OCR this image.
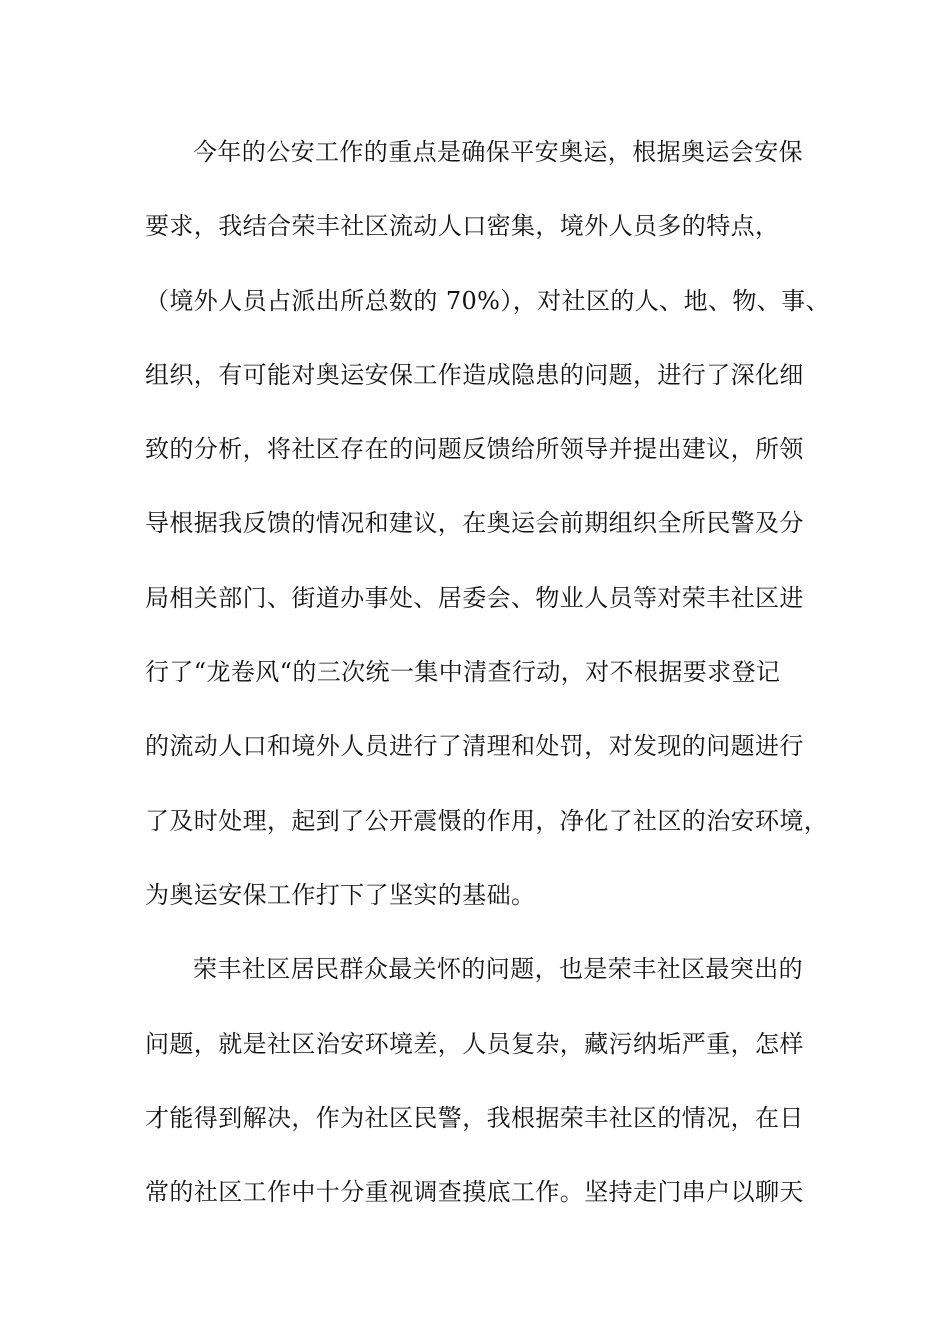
今年的公安工作的重点是确保平安奥运，根据奥运会安保
要求，我结合荣丰社区流动人口密集，境外人员多的特点，
（境外人员占派出所总数的 70%），对社区的人、地、物、事、
组织，有可能对奥运安保工作造成隐患的问题，进行了深化细
致的分析，将社区存在的问题反馈给所领导并提出建议，所领
导根据我反馈的情况和建议，在奥运会前期组织全所民警及分
局相关部门、街道办事处、居委会、物业人员等对荣丰社区进
行了“龙卷风“的三次统一集中清查行动，对不根据要求登记
的流动人口和境外人员进行了清理和处罚，对发现的问题进行
了及时处理，起到了公开震慑的作用，净化了社区的治安环境，
为奥运安保工作打下了坚实的基础。
荣丰社区居民群众最关怀的问题，也是荣丰社区最突出的
问题，就是社区治安环境差，人员复杂，藏污纳垢严重，怎样
才能得到解决，作为社区民警，我根据荣丰社区的情况，在日
常的社区工作中十分重视调查摸底工作。坚持走门串户以聊天
